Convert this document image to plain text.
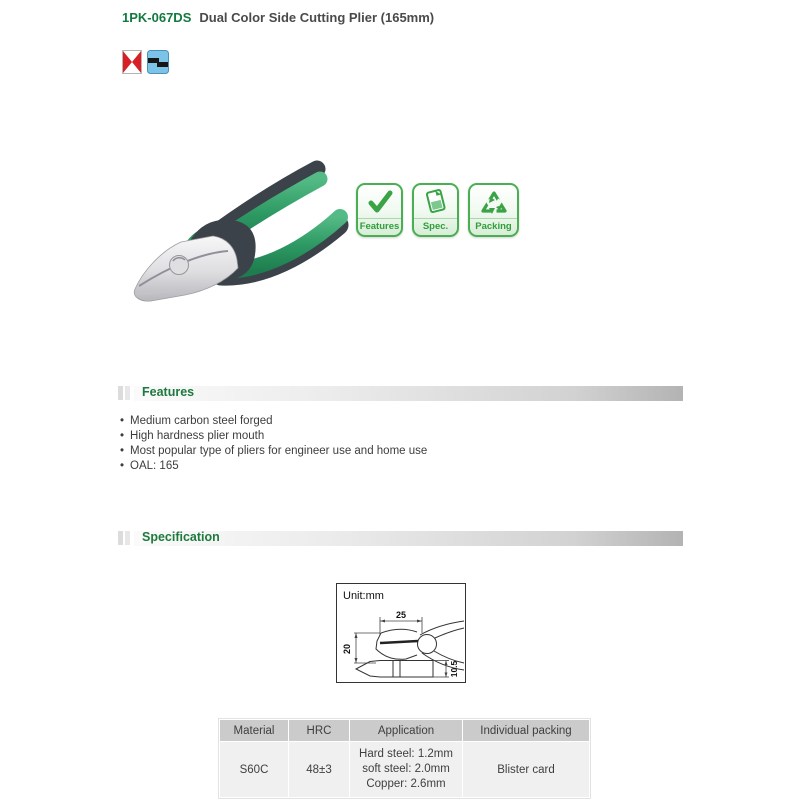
1PK-067DS Dual Color Side Cutting Plier (165mm)
Features	Spec.	Packing
Features
• Medium carbon steel forged
• High hardness plier mouth
• Most popular type of pliers for engineer use and home use
• OAL: 165
Specification
Unit:mm
25
20
10.5
Material	HRC	Application	Individual packing
S60C	48±3	Hard steel: 1.2mm
soft steel: 2.0mm
Copper: 2.6mm	Blister card
